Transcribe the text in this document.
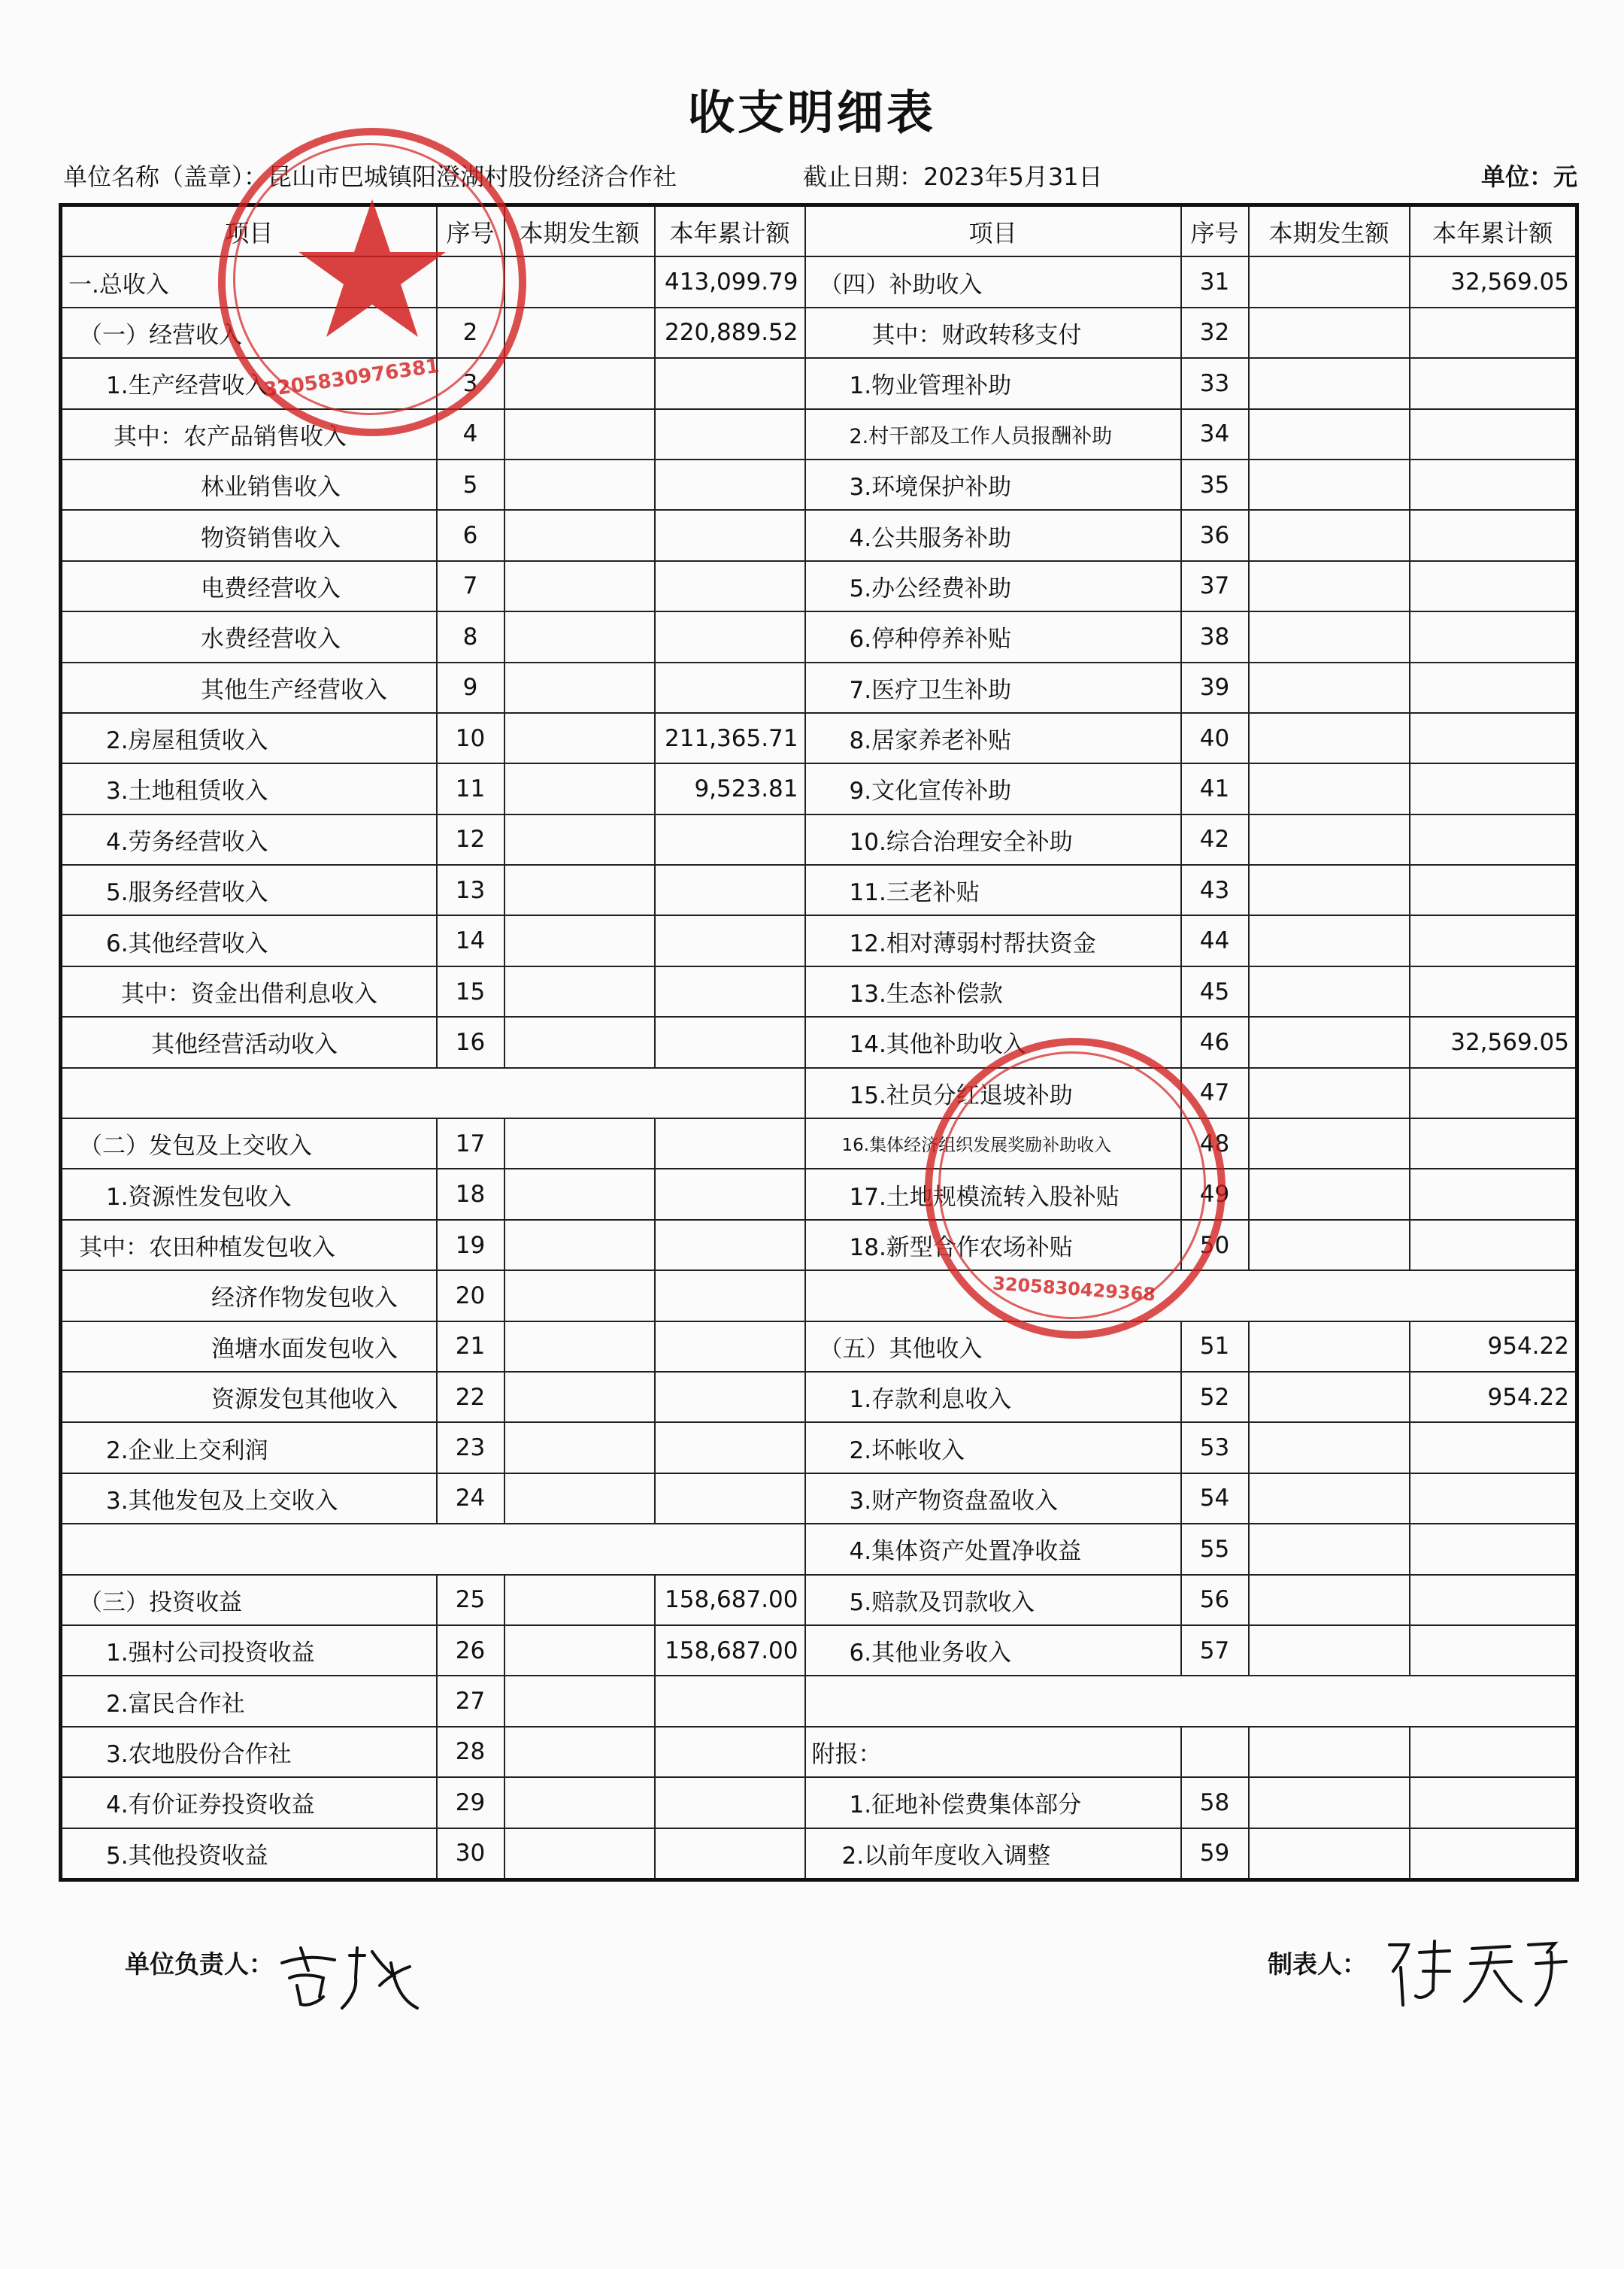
收支明细表
单位名称（盖章）：昆山市巴城镇阳澄湖村股份经济合作社	截止日期：2023年5月31日	单位：元
项目	序号	本期发生额	本年累计额	项目	序号	本期发生额	本年累计额
一.总收入			413,099.79	（四）补助收入	31		32,569.05
（一）经营收入	2		220,889.52	其中：财政转移支付	32		
1.生产经营收入	3			1.物业管理补助	33		
其中：农产品销售收入	4			2.村干部及工作人员报酬补助	34		
林业销售收入	5			3.环境保护补助	35		
物资销售收入	6			4.公共服务补助	36		
电费经营收入	7			5.办公经费补助	37		
水费经营收入	8			6.停种停养补贴	38		
其他生产经营收入	9			7.医疗卫生补助	39		
2.房屋租赁收入	10		211,365.71	8.居家养老补贴	40		
3.土地租赁收入	11		9,523.81	9.文化宣传补助	41		
4.劳务经营收入	12			10.综合治理安全补助	42		
5.服务经营收入	13			11.三老补贴	43		
6.其他经营收入	14			12.相对薄弱村帮扶资金	44		
其中：资金出借利息收入	15			13.生态补偿款	45		
其他经营活动收入	16			14.其他补助收入	46		32,569.05
				15.社员分红退坡补助	47		
（二）发包及上交收入	17			16.集体经济组织发展奖励补助收入	48		
1.资源性发包收入	18			17.土地规模流转入股补贴	49		
其中：农田种植发包收入	19			18.新型合作农场补贴	50		
经济作物发包收入	20						
渔塘水面发包收入	21			（五）其他收入	51		954.22
资源发包其他收入	22			1.存款利息收入	52		954.22
2.企业上交利润	23			2.坏帐收入	53		
3.其他发包及上交收入	24			3.财产物资盘盈收入	54		
				4.集体资产处置净收益	55		
（三）投资收益	25		158,687.00	5.赔款及罚款收入	56		
1.强村公司投资收益	26		158,687.00	6.其他业务收入	57		
2.富民合作社	27						
3.农地股份合作社	28			附报：			
4.有价证券投资收益	29			1.征地补偿费集体部分	58		
5.其他投资收益	30			2.以前年度收入调整	59		
单位负责人：	制表人：
3205830976381
3205830429368
